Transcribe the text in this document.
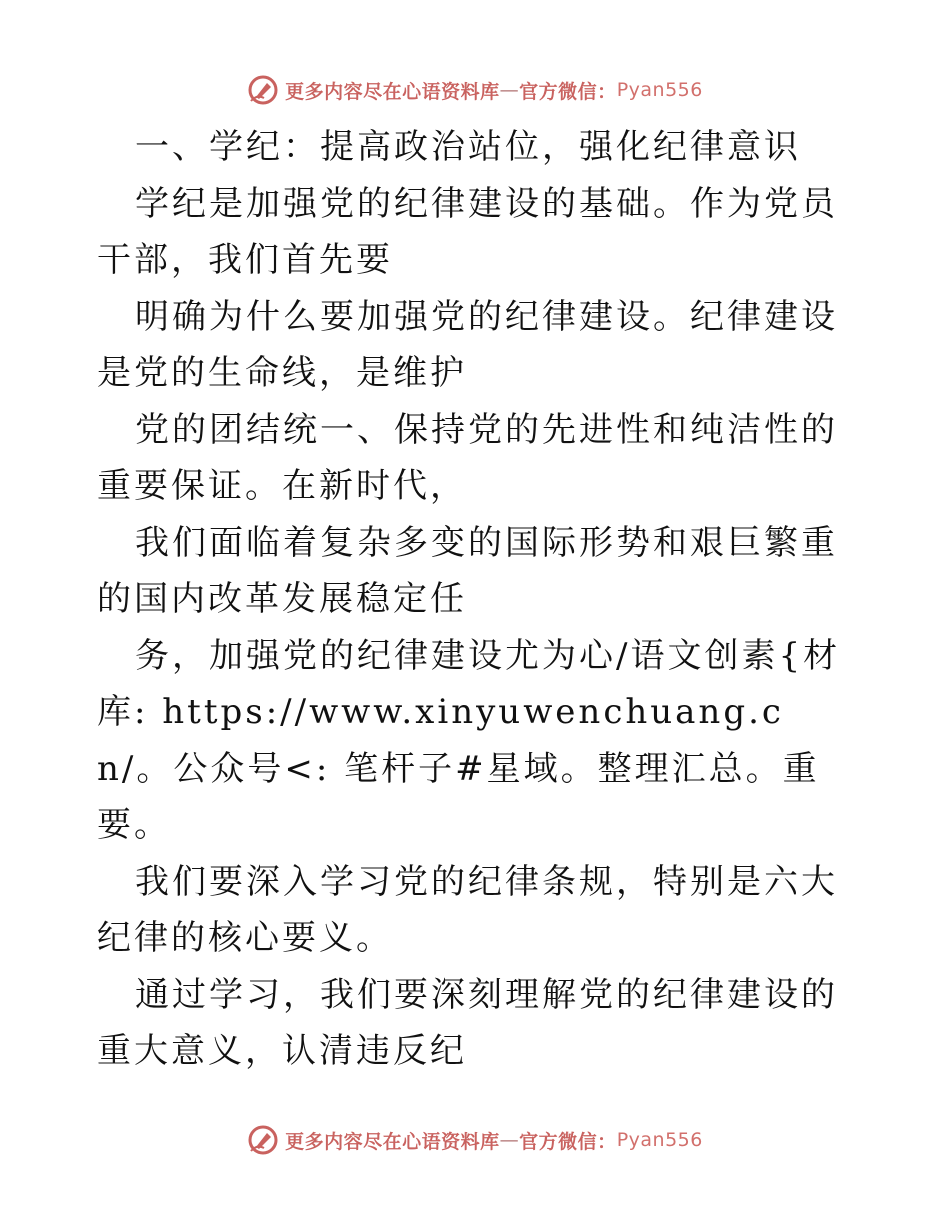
更多内容尽在心语资料库 — 官方微信： Pyan556

一、学纪：提高政治站位，强化纪律意识

学纪是加强党的纪律建设的基础。作为党员干部，我们首先要

明确为什么要加强党的纪律建设。纪律建设是党的生命线，是维护

党的团结统一、保持党的先进性和纯洁性的重要保证。在新时代，

我们面临着复杂多变的国际形势和艰巨繁重的国内改革发展稳定任

务，加强党的纪律建设尤为心/语文创素{材库: https://www.xinyuwenchuang.cn/。公众号<: 笔杆子#星域。整理汇总。重要。

我们要深入学习党的纪律条规，特别是六大纪律的核心要义。

通过学习，我们要深刻理解党的纪律建设的重大意义，认清违反纪

更多内容尽在心语资料库 — 官方微信： Pyan556
